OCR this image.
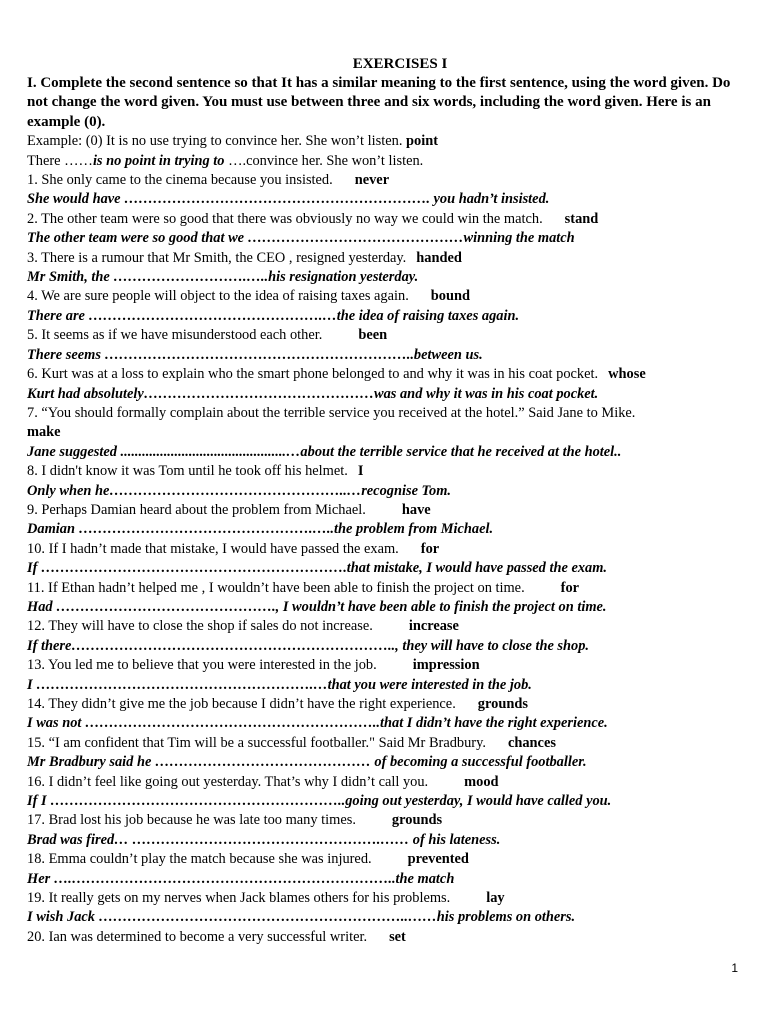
EXERCISES I

I. Complete the second sentence so that It has a similar meaning to the first sentence, using the word given. Do not change the word given. You must use between three and six words, including the word given. Here is an example (0).

Example: (0) It is no use trying to convince her. She won’t listen. point
There ……is no point in trying to ….convince her. She won’t listen.
1. She only came to the cinema because you insisted. never
She would have ………………………………………………………. you hadn’t insisted.
2. The other team were so good that there was obviously no way we could win the match. stand
The other team were so good that we ………………………………………winning the match
3. There is a rumour that Mr Smith, the CEO , resigned yesterday. handed
Mr Smith, the ……………………….…..his resignation yesterday.
4. We are sure people will object to the idea of raising taxes again. bound
There are ………………………………………….…the idea of raising taxes again.
5. It seems as if we have misunderstood each other.	been
There seems ………………………………………………………..between us.
6. Kurt was at a loss to explain who the smart phone belonged to and why it was in his coat pocket. whose
Kurt had absolutely…………………………………………was and why it was in his coat pocket.
7. “You should formally complain about the terrible service you received at the hotel.” Said Jane to Mike.
make
Jane suggested ..............................................…about the terrible service that he received at the hotel..
8. I didn't know it was Tom until he took off his helmet. I
Only when he…………………………………………..…recognise Tom.
9. Perhaps Damian heard about the problem from Michael.	have
Damian ………………………………………….…..the problem from Michael.
10. If I hadn’t made that mistake, I would have passed the exam. for
If ……………………………………………………….that mistake, I would have passed the exam.
11. If Ethan hadn’t helped me , I wouldn’t have been able to finish the project on time.	for
Had ………………………………………., I wouldn’t have been able to finish the project on time.
12. They will have to close the shop if sales do not increase.	increase
If there………………………………………………………….., they will have to close the shop.
13. You led me to believe that you were interested in the job.	impression
I ………………………………………………….…that you were interested in the job.
14. They didn’t give me the job because I didn’t have the right experience. grounds
I was not ……………………………………………………..that I didn’t have the right experience.
15. “I am confident that Tim will be a successful footballer." Said Mr Bradbury. chances
Mr Bradbury said he ……………………………………… of becoming a successful footballer.
16. I didn’t feel like going out yesterday. That’s why I didn’t call you.	mood
If I ……………………………………………………..going out yesterday, I would have called you.
17. Brad lost his job because he was late too many times.	grounds
Brad was fired… …………………………………………….…… of his lateness.
18. Emma couldn’t play the match because she was injured.	prevented
Her ….…………………………………………………………..the match
19. It really gets on my nerves when Jack blames others for his problems.	lay
I wish Jack ………………………………………………………..……his problems on others.
20. Ian was determined to become a very successful writer. set
1
